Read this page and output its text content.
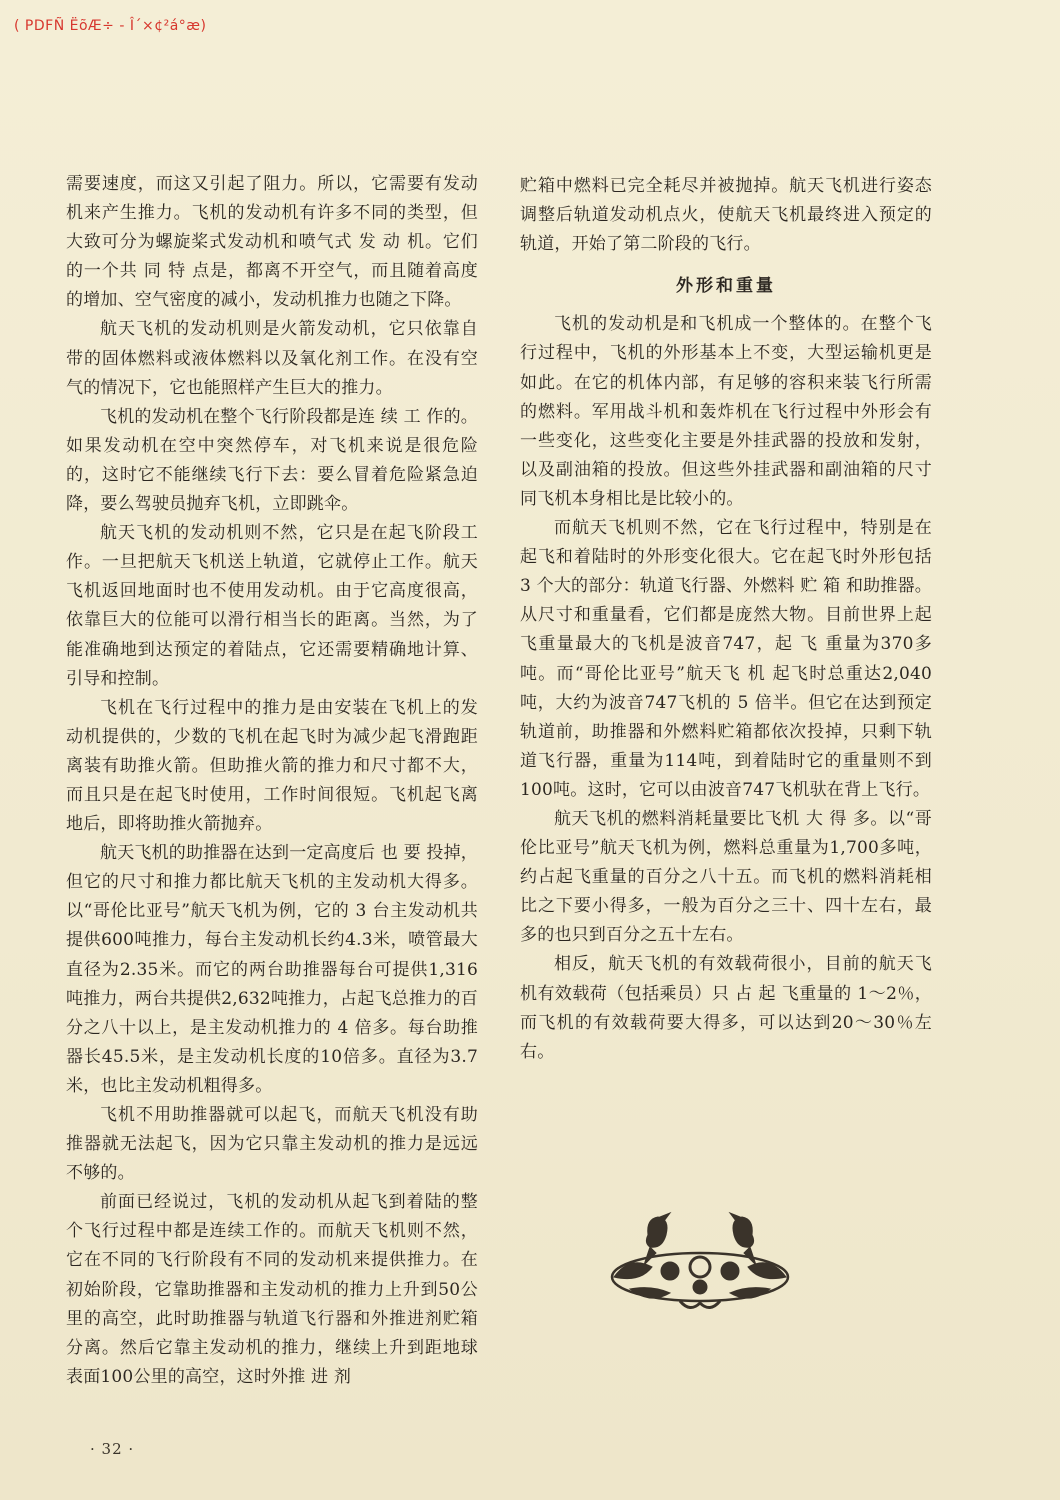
( PDFÑ ËõÆ÷ - Î´×¢²á°æ)

需要速度，而这又引起了阻力。所以，它需要有发动机来产生推力。飞机的发动机有许多不同的类型，但大致可分为螺旋桨式发动机和喷气式 发 动 机。它们的一个共 同 特 点是，都离不开空气，而且随着高度的增加、空气密度的减小，发动机推力也随之下降。

航天飞机的发动机则是火箭发动机，它只依靠自带的固体燃料或液体燃料以及氧化剂工作。在没有空气的情况下，它也能照样产生巨大的推力。

飞机的发动机在整个飞行阶段都是连 续 工 作的。如果发动机在空中突然停车，对飞机来说是很危险的，这时它不能继续飞行下去：要么冒着危险紧急迫降，要么驾驶员抛弃飞机，立即跳伞。

航天飞机的发动机则不然，它只是在起飞阶段工作。一旦把航天飞机送上轨道，它就停止工作。航天飞机返回地面时也不使用发动机。由于它高度很高，依靠巨大的位能可以滑行相当长的距离。当然，为了能准确地到达预定的着陆点，它还需要精确地计算、引导和控制。

飞机在飞行过程中的推力是由安装在飞机上的发动机提供的，少数的飞机在起飞时为减少起飞滑跑距离装有助推火箭。但助推火箭的推力和尺寸都不大，而且只是在起飞时使用，工作时间很短。飞机起飞离地后，即将助推火箭抛弃。

航天飞机的助推器在达到一定高度后 也 要 投掉，但它的尺寸和推力都比航天飞机的主发动机大得多。以“哥伦比亚号”航天飞机为例，它的 3 台主发动机共提供600吨推力，每台主发动机长约4.3米，喷管最大直径为2.35米。而它的两台助推器每台可提供1,316吨推力，两台共提供2,632吨推力，占起飞总推力的百分之八十以上，是主发动机推力的 4 倍多。每台助推器长45.5米，是主发动机长度的10倍多。直径为3.7米，也比主发动机粗得多。

飞机不用助推器就可以起飞，而航天飞机没有助推器就无法起飞，因为它只靠主发动机的推力是远远不够的。

前面已经说过，飞机的发动机从起飞到着陆的整个飞行过程中都是连续工作的。而航天飞机则不然，它在不同的飞行阶段有不同的发动机来提供推力。在初始阶段，它靠助推器和主发动机的推力上升到50公里的高空，此时助推器与轨道飞行器和外推进剂贮箱分离。然后它靠主发动机的推力，继续上升到距地球表面100公里的高空，这时外推 进 剂

贮箱中燃料已完全耗尽并被抛掉。航天飞机进行姿态调整后轨道发动机点火，使航天飞机最终进入预定的轨道，开始了第二阶段的飞行。

外形和重量

飞机的发动机是和飞机成一个整体的。在整个飞行过程中，飞机的外形基本上不变，大型运输机更是如此。在它的机体内部，有足够的容积来装飞行所需的燃料。军用战斗机和轰炸机在飞行过程中外形会有一些变化，这些变化主要是外挂武器的投放和发射，以及副油箱的投放。但这些外挂武器和副油箱的尺寸同飞机本身相比是比较小的。

而航天飞机则不然，它在飞行过程中，特别是在起飞和着陆时的外形变化很大。它在起飞时外形包括 3 个大的部分：轨道飞行器、外燃料 贮 箱 和助推器。从尺寸和重量看，它们都是庞然大物。目前世界上起飞重量最大的飞机是波音747，起 飞 重量为370多吨。而“哥伦比亚号”航天飞 机 起飞时总重达2,040吨，大约为波音747飞机的 5 倍半。但它在达到预定轨道前，助推器和外燃料贮箱都依次投掉，只剩下轨道飞行器，重量为114吨，到着陆时它的重量则不到100吨。这时，它可以由波音747飞机驮在背上飞行。

航天飞机的燃料消耗量要比飞机 大 得 多。以“哥伦比亚号”航天飞机为例，燃料总重量为1,700多吨，约占起飞重量的百分之八十五。而飞机的燃料消耗相比之下要小得多，一般为百分之三十、四十左右，最多的也只到百分之五十左右。

相反，航天飞机的有效载荷很小，目前的航天飞机有效载荷（包括乘员）只 占 起 飞重量的 1～2％，而飞机的有效载荷要大得多，可以达到20～30％左右。

· 32 ·
